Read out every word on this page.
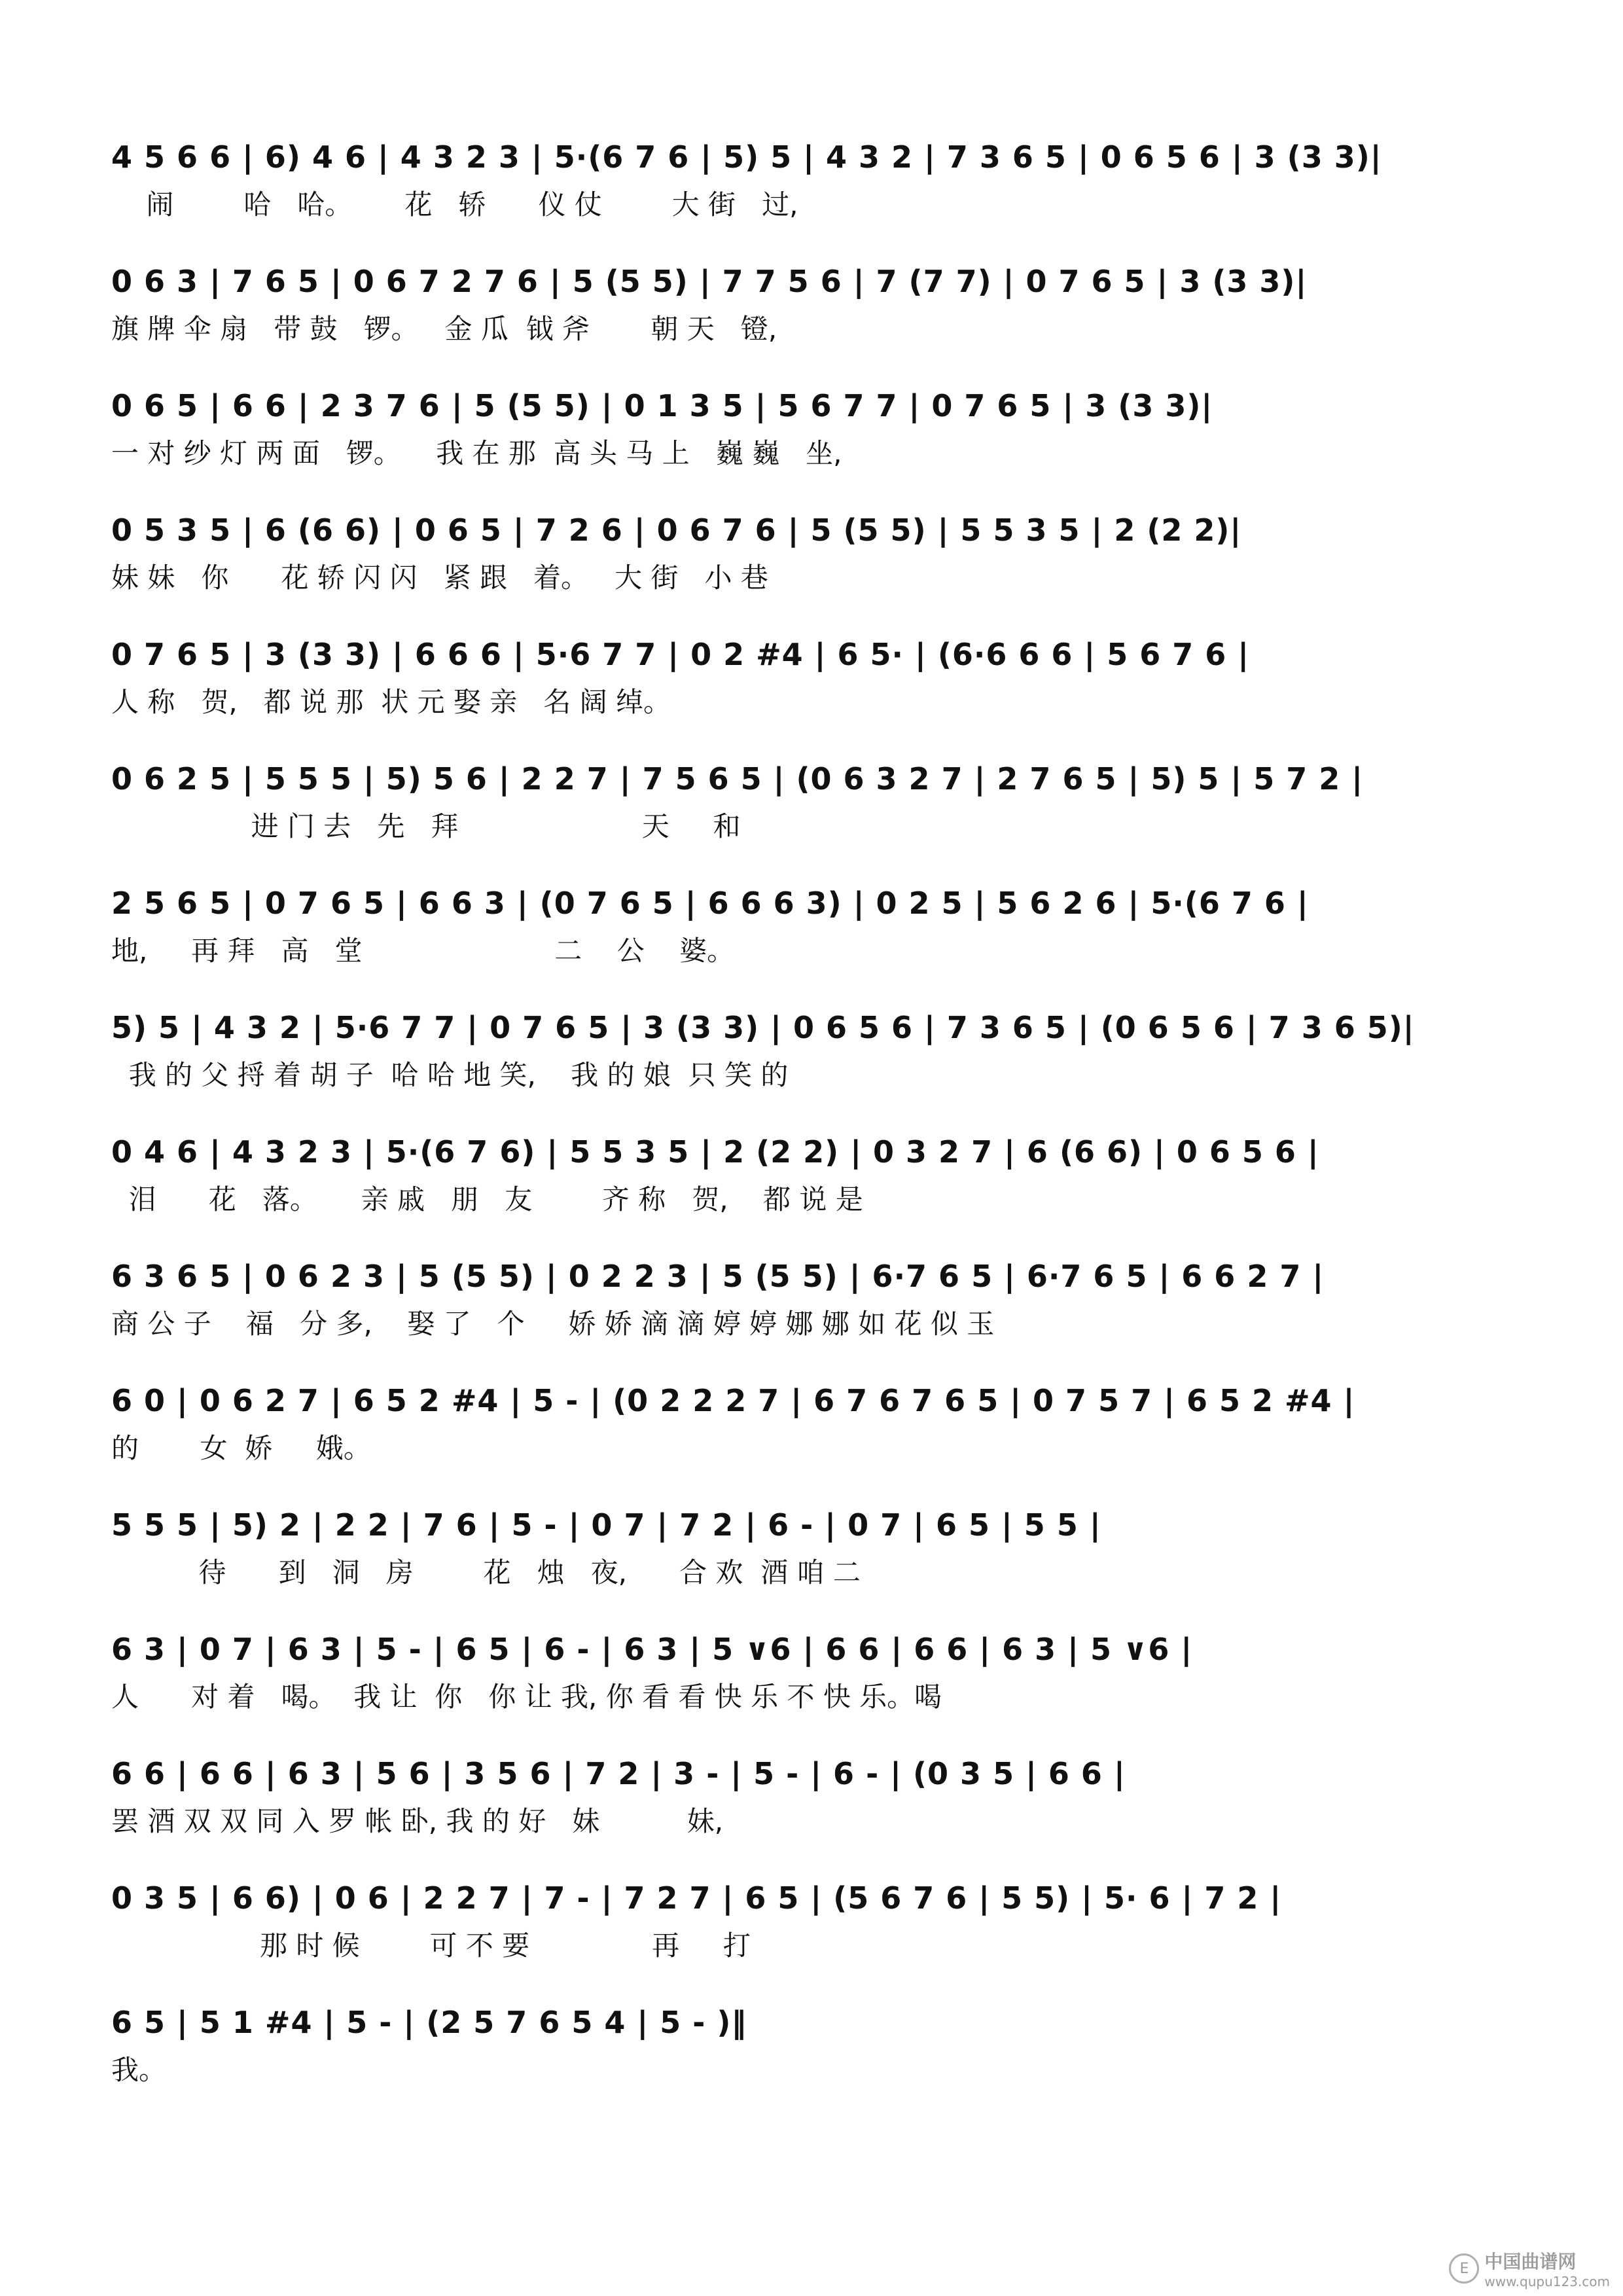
4 5 6 6 | 6) 4 6 | 4 3 2 3 | 5·(6 7 6 | 5) 5 | 4 3 2 | 7 3 6 5 | 0 6 5 6 | 3 (3 3)|
闹        哈   哈。      花   轿      仪 仗        大 街   过,
0 6 3 | 7 6 5 | 0 6 7 2 7 6 | 5 (5 5) | 7 7 5 6 | 7 (7 7) | 0 7 6 5 | 3 (3 3)|
旗 牌 伞 扇   带 鼓   锣。   金 瓜  钺 斧       朝 天   镫,
0 6 5 | 6 6 | 2 3 7 6 | 5 (5 5) | 0 1 3 5 | 5 6 7 7 | 0 7 6 5 | 3 (3 3)|
一 对 纱 灯 两 面   锣。    我 在 那  高 头 马 上   巍 巍   坐,
0 5 3 5 | 6 (6 6) | 0 6 5 | 7 2 6 | 0 6 7 6 | 5 (5 5) | 5 5 3 5 | 2 (2 2)|
妹 妹   你      花 轿 闪 闪   紧 跟   着。   大 街   小 巷
0 7 6 5 | 3 (3 3) | 6 6 6 | 5·6 7 7 | 0 2 #4 | 6 5· | (6·6 6 6 | 5 6 7 6 |
人 称   贺,   都 说 那  状 元 娶 亲   名 阔 绰。
0 6 2 5 | 5 5 5 | 5) 5 6 | 2 2 7 | 7 5 6 5 | (0 6 3 2 7 | 2 7 6 5 | 5) 5 | 5 7 2 |
进 门 去   先   拜                     天     和
2 5 6 5 | 0 7 6 5 | 6 6 3 | (0 7 6 5 | 6 6 6 3) | 0 2 5 | 5 6 2 6 | 5·(6 7 6 |
地,     再 拜   高   堂                      二    公    婆。
5) 5 | 4 3 2 | 5·6 7 7 | 0 7 6 5 | 3 (3 3) | 0 6 5 6 | 7 3 6 5 | (0 6 5 6 | 7 3 6 5)|
我 的 父 捋 着 胡 子  哈 哈 地 笑,    我 的 娘  只 笑 的
0 4 6 | 4 3 2 3 | 5·(6 7 6) | 5 5 3 5 | 2 (2 2) | 0 3 2 7 | 6 (6 6) | 0 6 5 6 |
泪      花   落。     亲 戚   朋   友        齐 称   贺,    都 说 是
6 3 6 5 | 0 6 2 3 | 5 (5 5) | 0 2 2 3 | 5 (5 5) | 6·7 6 5 | 6·7 6 5 | 6 6 2 7 |
商 公 子    福   分 多,    娶 了   个     娇 娇 滴 滴 婷 婷 娜 娜 如 花 似 玉
6 0 | 0 6 2 7 | 6 5 2 #4 | 5 - | (0 2 2 2 7 | 6 7 6 7 6 5 | 0 7 5 7 | 6 5 2 #4 |
的       女  娇     娥。
5 5 5 | 5) 2 | 2 2 | 7 6 | 5 - | 0 7 | 7 2 | 6 - | 0 7 | 6 5 | 5 5 |
待      到   洞   房        花   烛   夜,      合 欢  酒 咱 二
6 3 | 0 7 | 6 3 | 5 - | 6 5 | 6 - | 6 3 | 5 ∨6 | 6 6 | 6 6 | 6 3 | 5 ∨6 |
人      对 着   喝。  我 让  你   你 让 我, 你 看 看 快 乐 不 快 乐。喝
6 6 | 6 6 | 6 3 | 5 6 | 3 5 6 | 7 2 | 3 - | 5 - | 6 - | (0 3 5 | 6 6 |
罢 酒 双 双 同 入 罗 帐 卧, 我 的 好   妹          妹,
0 3 5 | 6 6) | 0 6 | 2 2 7 | 7 - | 7 2 7 | 6 5 | (5 6 7 6 | 5 5) | 5· 6 | 7 2 |
那 时 候        可 不 要              再     打
6 5 | 5 1 #4 | 5 - | (2 5 7 6 5 4 | 5 - )‖
我。
E 中国曲谱网
www.qupu123.com
